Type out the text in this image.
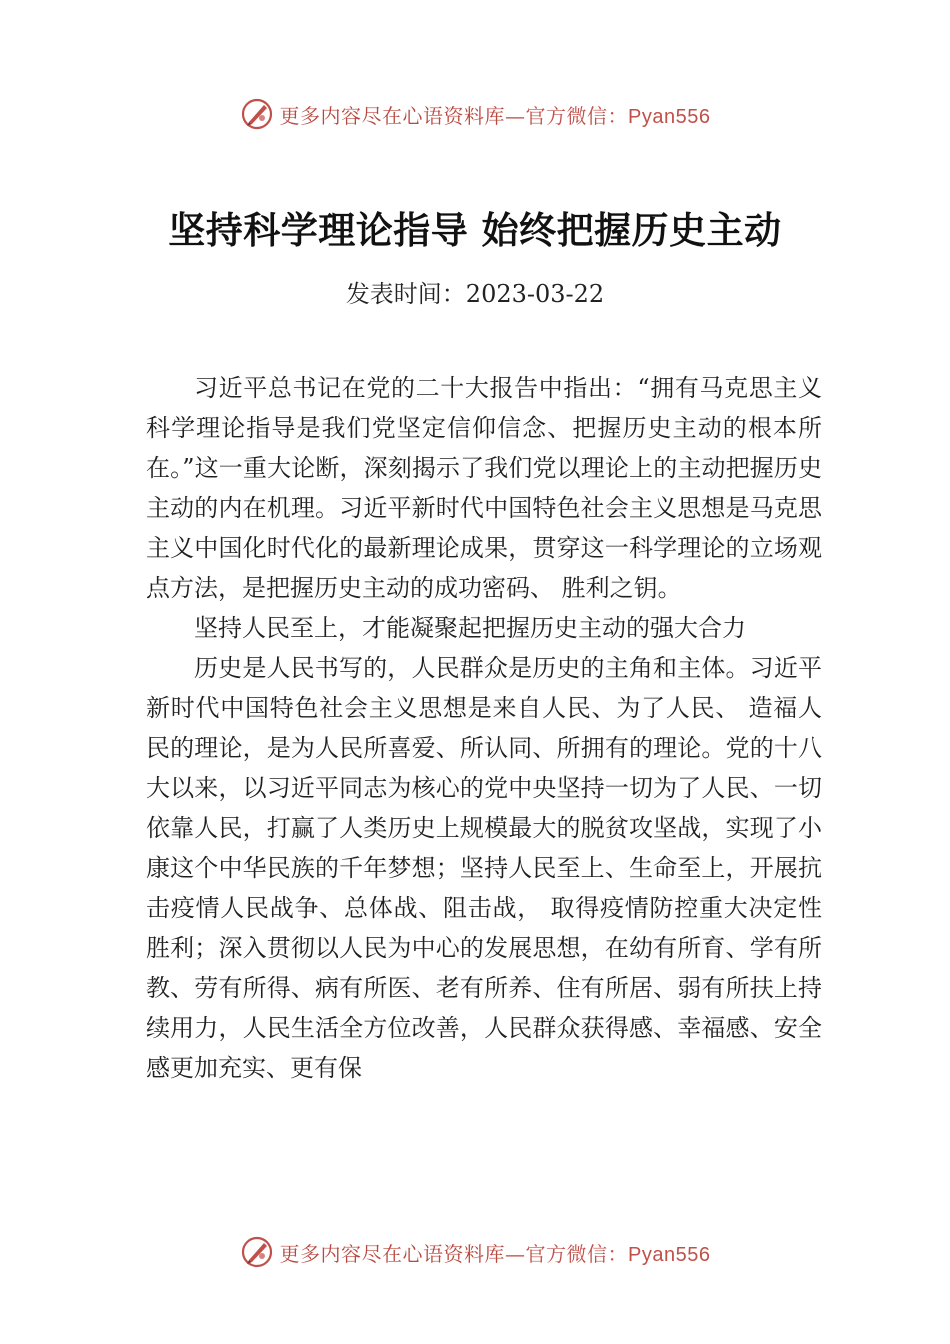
更多内容尽在心语资料库—官方微信：Pyan556
坚持科学理论指导 始终把握历史主动
发表时间：2023-03-22

习近平总书记在党的二十大报告中指出：“拥有马克思主义科学理论指导是我们党坚定信仰信念、把握历史主动的根本所在。”这一重大论断，深刻揭示了我们党以理论上的主动把握历史主动的内在机理。习近平新时代中国特色社会主义思想是马克思主义中国化时代化的最新理论成果，贯穿这一科学理论的立场观点方法，是把握历史主动的成功密码、 胜利之钥。

坚持人民至上，才能凝聚起把握历史主动的强大合力

历史是人民书写的，人民群众是历史的主角和主体。习近平新时代中国特色社会主义思想是来自人民、为了人民、 造福人民的理论，是为人民所喜爱、所认同、所拥有的理论。党的十八大以来，以习近平同志为核心的党中央坚持一切为了人民、一切依靠人民，打赢了人类历史上规模最大的脱贫攻坚战，实现了小康这个中华民族的千年梦想；坚持人民至上、生命至上，开展抗击疫情人民战争、总体战、阻击战， 取得疫情防控重大决定性胜利；深入贯彻以人民为中心的发展思想，在幼有所育、学有所教、劳有所得、病有所医、老有所养、住有所居、弱有所扶上持续用力，人民生活全方位改善，人民群众获得感、幸福感、安全感更加充实、更有保

更多内容尽在心语资料库—官方微信：Pyan556
